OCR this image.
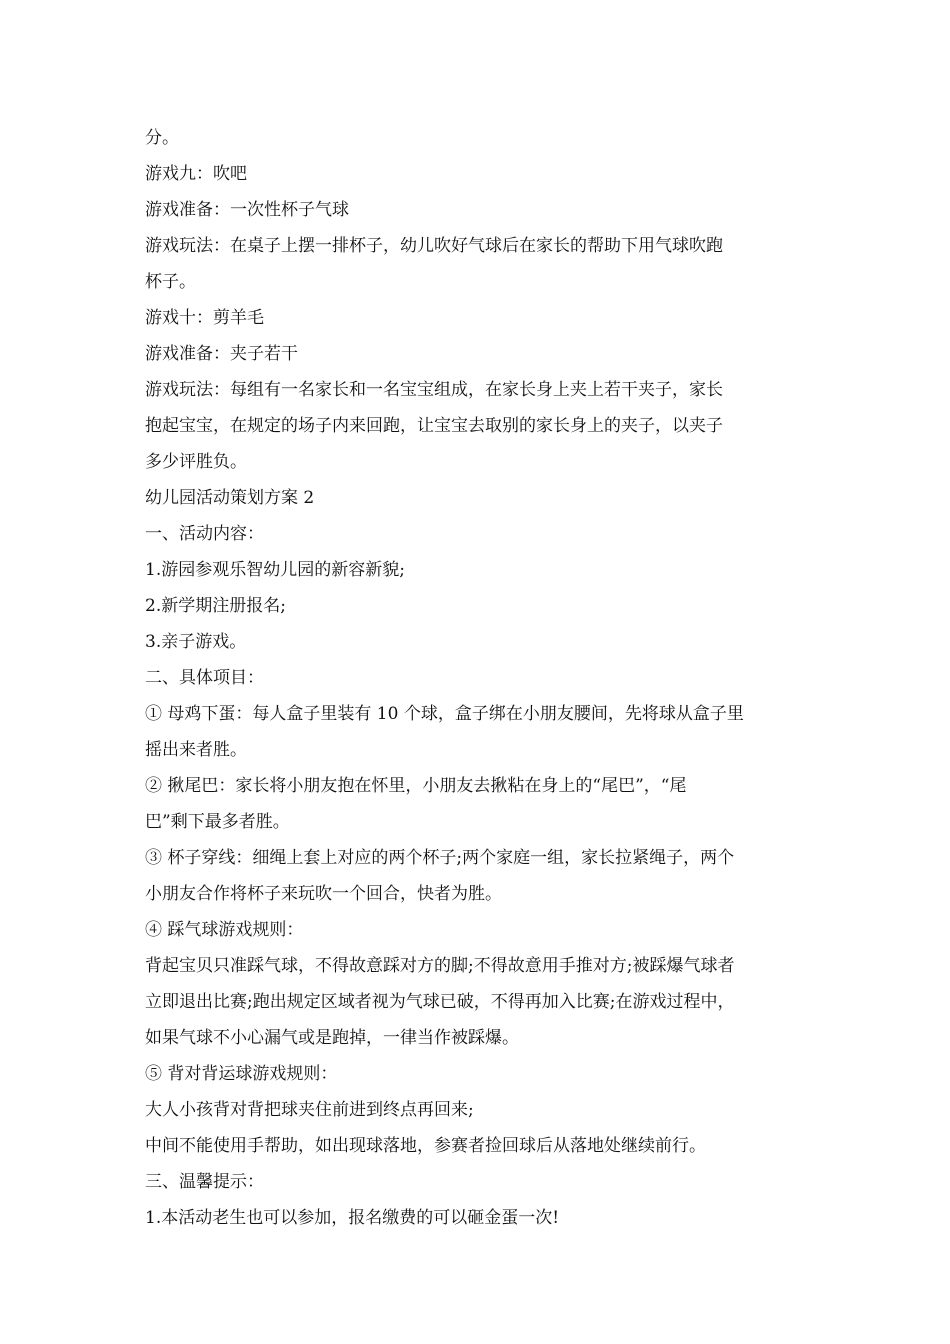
分。
游戏九：吹吧
游戏准备：一次性杯子气球
游戏玩法：在桌子上摆一排杯子，幼儿吹好气球后在家长的帮助下用气球吹跑
杯子。
游戏十：剪羊毛
游戏准备：夹子若干
游戏玩法：每组有一名家长和一名宝宝组成，在家长身上夹上若干夹子，家长
抱起宝宝，在规定的场子内来回跑，让宝宝去取别的家长身上的夹子，以夹子
多少评胜负。
幼儿园活动策划方案 2
一、活动内容：
1.游园参观乐智幼儿园的新容新貌;
2.新学期注册报名;
3.亲子游戏。
二、具体项目：
① 母鸡下蛋：每人盒子里装有 10 个球，盒子绑在小朋友腰间，先将球从盒子里
摇出来者胜。
② 揪尾巴：家长将小朋友抱在怀里，小朋友去揪粘在身上的“尾巴”，“尾
巴”剩下最多者胜。
③ 杯子穿线：细绳上套上对应的两个杯子;两个家庭一组，家长拉紧绳子，两个
小朋友合作将杯子来玩吹一个回合，快者为胜。
④ 踩气球游戏规则：
背起宝贝只准踩气球，不得故意踩对方的脚;不得故意用手推对方;被踩爆气球者
立即退出比赛;跑出规定区域者视为气球已破，不得再加入比赛;在游戏过程中，
如果气球不小心漏气或是跑掉，一律当作被踩爆。
⑤ 背对背运球游戏规则：
大人小孩背对背把球夹住前进到终点再回来;
中间不能使用手帮助，如出现球落地，参赛者捡回球后从落地处继续前行。
三、温馨提示：
1.本活动老生也可以参加，报名缴费的可以砸金蛋一次!
